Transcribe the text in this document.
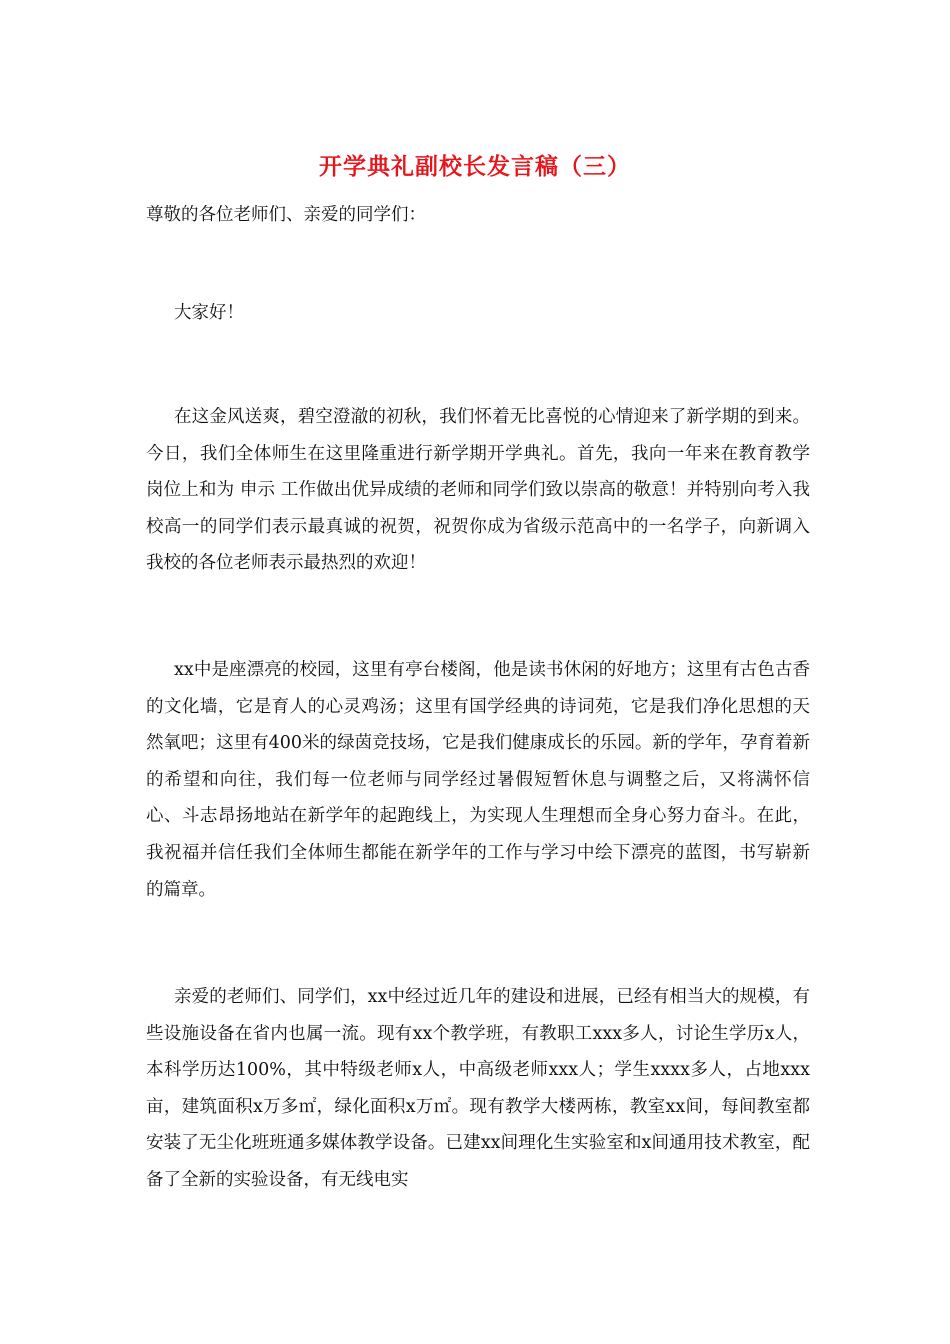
开学典礼副校长发言稿（三）

尊敬的各位老师们、亲爱的同学们：

大家好！

在这金风送爽，碧空澄澈的初秋，我们怀着无比喜悦的心情迎来了新学期的到来。今日，我们全体师生在这里隆重进行新学期开学典礼。首先，我向一年来在教育教学岗位上和为 申示 工作做出优异成绩的老师和同学们致以崇高的敬意！并特别向考入我校高一的同学们表示最真诚的祝贺，祝贺你成为省级示范高中的一名学子，向新调入我校的各位老师表示最热烈的欢迎！

xx中是座漂亮的校园，这里有亭台楼阁，他是读书休闲的好地方；这里有古色古香的文化墙，它是育人的心灵鸡汤；这里有国学经典的诗词苑，它是我们净化思想的天然氧吧；这里有400米的绿茵竞技场，它是我们健康成长的乐园。新的学年，孕育着新的希望和向往，我们每一位老师与同学经过暑假短暂休息与调整之后，又将满怀信心、斗志昂扬地站在新学年的起跑线上，为实现人生理想而全身心努力奋斗。在此，我祝福并信任我们全体师生都能在新学年的工作与学习中绘下漂亮的蓝图，书写崭新的篇章。

亲爱的老师们、同学们，xx中经过近几年的建设和进展，已经有相当大的规模，有些设施设备在省内也属一流。现有xx个教学班，有教职工xxx多人，讨论生学历x人，本科学历达100%，其中特级老师x人，中高级老师xxx人；学生xxxx多人，占地xxx亩，建筑面积x万多㎡，绿化面积x万㎡。现有教学大楼两栋，教室xx间，每间教室都安装了无尘化班班通多媒体教学设备。已建xx间理化生实验室和x间通用技术教室，配备了全新的实验设备，有无线电实
